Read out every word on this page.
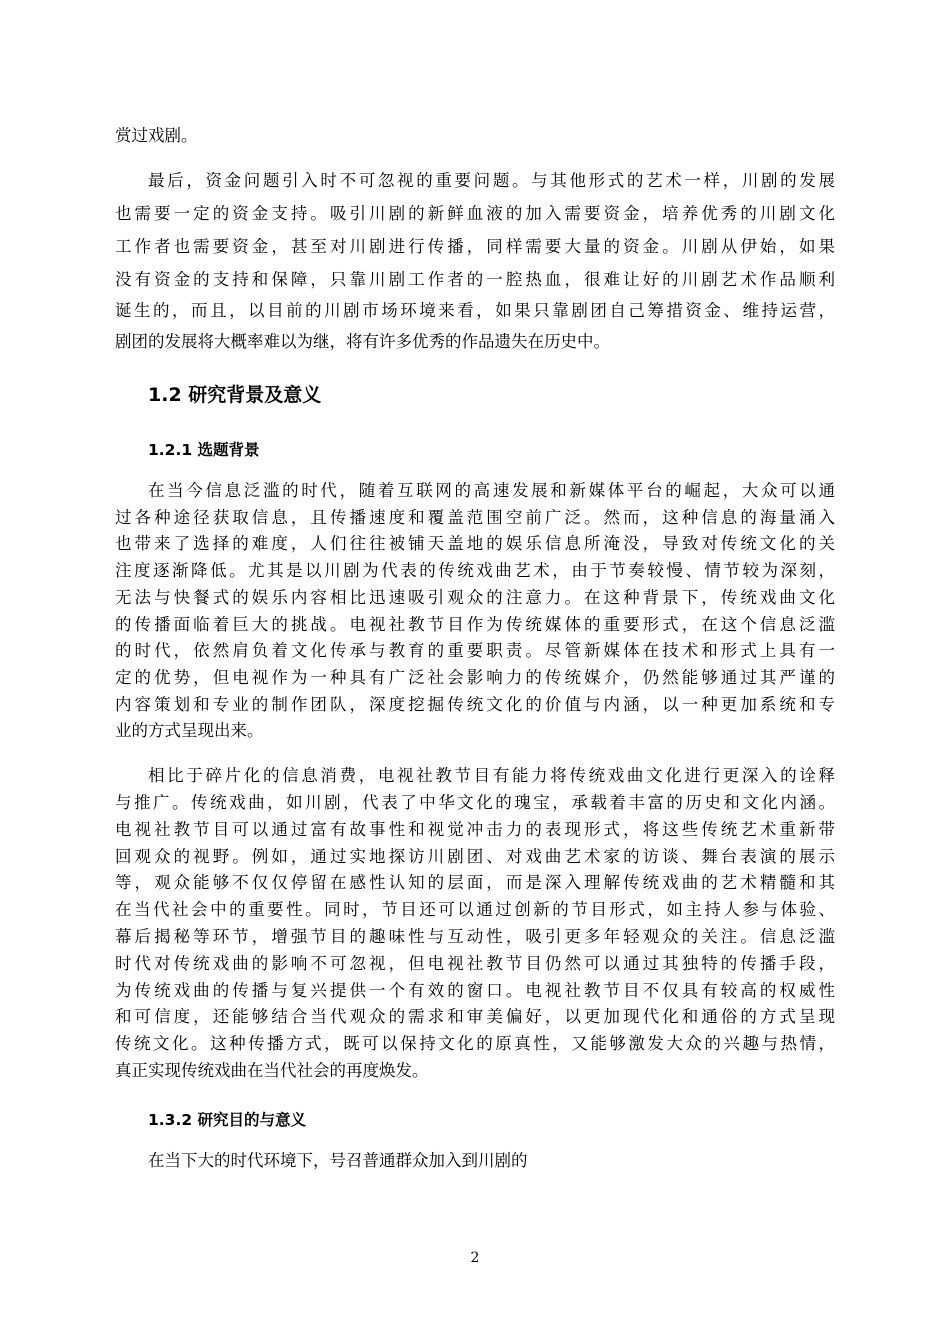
赏过戏剧。
最后，资金问题引入时不可忽视的重要问题。与其他形式的艺术一样，川剧的发展
也需要一定的资金支持。吸引川剧的新鲜血液的加入需要资金，培养优秀的川剧文化
工作者也需要资金，甚至对川剧进行传播，同样需要大量的资金。川剧从伊始，如果
没有资金的支持和保障，只靠川剧工作者的一腔热血，很难让好的川剧艺术作品顺利
诞生的，而且，以目前的川剧市场环境来看，如果只靠剧团自己筹措资金、维持运营，
剧团的发展将大概率难以为继，将有许多优秀的作品遗失在历史中。
1.2 研究背景及意义
1.2.1 选题背景
在当今信息泛滥的时代，随着互联网的高速发展和新媒体平台的崛起，大众可以通
过各种途径获取信息，且传播速度和覆盖范围空前广泛。然而，这种信息的海量涌入
也带来了选择的难度，人们往往被铺天盖地的娱乐信息所淹没，导致对传统文化的关
注度逐渐降低。尤其是以川剧为代表的传统戏曲艺术，由于节奏较慢、情节较为深刻，
无法与快餐式的娱乐内容相比迅速吸引观众的注意力。在这种背景下，传统戏曲文化
的传播面临着巨大的挑战。电视社教节目作为传统媒体的重要形式，在这个信息泛滥
的时代，依然肩负着文化传承与教育的重要职责。尽管新媒体在技术和形式上具有一
定的优势，但电视作为一种具有广泛社会影响力的传统媒介，仍然能够通过其严谨的
内容策划和专业的制作团队，深度挖掘传统文化的价值与内涵，以一种更加系统和专
业的方式呈现出来。
相比于碎片化的信息消费，电视社教节目有能力将传统戏曲文化进行更深入的诠释
与推广。传统戏曲，如川剧，代表了中华文化的瑰宝，承载着丰富的历史和文化内涵。
电视社教节目可以通过富有故事性和视觉冲击力的表现形式，将这些传统艺术重新带
回观众的视野。例如，通过实地探访川剧团、对戏曲艺术家的访谈、舞台表演的展示
等，观众能够不仅仅停留在感性认知的层面，而是深入理解传统戏曲的艺术精髓和其
在当代社会中的重要性。同时，节目还可以通过创新的节目形式，如主持人参与体验、
幕后揭秘等环节，增强节目的趣味性与互动性，吸引更多年轻观众的关注。信息泛滥
时代对传统戏曲的影响不可忽视，但电视社教节目仍然可以通过其独特的传播手段，
为传统戏曲的传播与复兴提供一个有效的窗口。电视社教节目不仅具有较高的权威性
和可信度，还能够结合当代观众的需求和审美偏好，以更加现代化和通俗的方式呈现
传统文化。这种传播方式，既可以保持文化的原真性，又能够激发大众的兴趣与热情，
真正实现传统戏曲在当代社会的再度焕发。
1.3.2 研究目的与意义
在当下大的时代环境下，号召普通群众加入到川剧的
2
